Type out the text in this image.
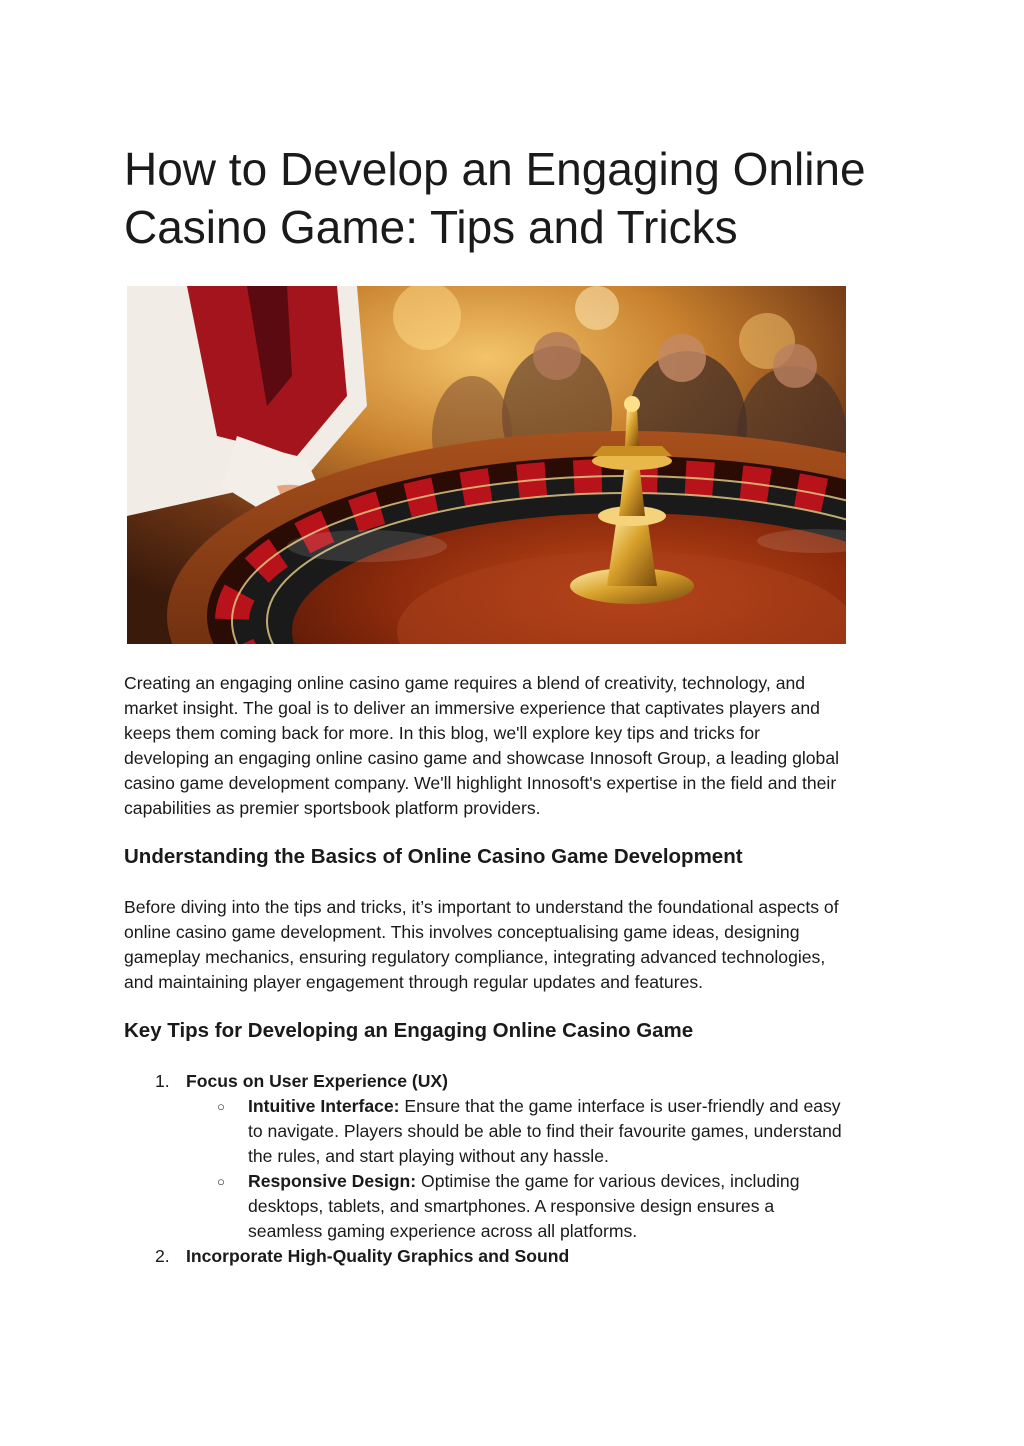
How to Develop an Engaging Online
Casino Game: Tips and Tricks

Creating an engaging online casino game requires a blend of creativity, technology, and
market insight. The goal is to deliver an immersive experience that captivates players and
keeps them coming back for more. In this blog, we'll explore key tips and tricks for
developing an engaging online casino game and showcase Innosoft Group, a leading global
casino game development company. We'll highlight Innosoft's expertise in the field and their
capabilities as premier sportsbook platform providers.

Understanding the Basics of Online Casino Game Development

Before diving into the tips and tricks, it’s important to understand the foundational aspects of
online casino game development. This involves conceptualising game ideas, designing
gameplay mechanics, ensuring regulatory compliance, integrating advanced technologies,
and maintaining player engagement through regular updates and features.

Key Tips for Developing an Engaging Online Casino Game
1. Focus on User Experience (UX)
○ Intuitive Interface: Ensure that the game interface is user-friendly and easy
to navigate. Players should be able to find their favourite games, understand
the rules, and start playing without any hassle.
○ Responsive Design: Optimise the game for various devices, including
desktops, tablets, and smartphones. A responsive design ensures a
seamless gaming experience across all platforms.
2. Incorporate High-Quality Graphics and Sound
